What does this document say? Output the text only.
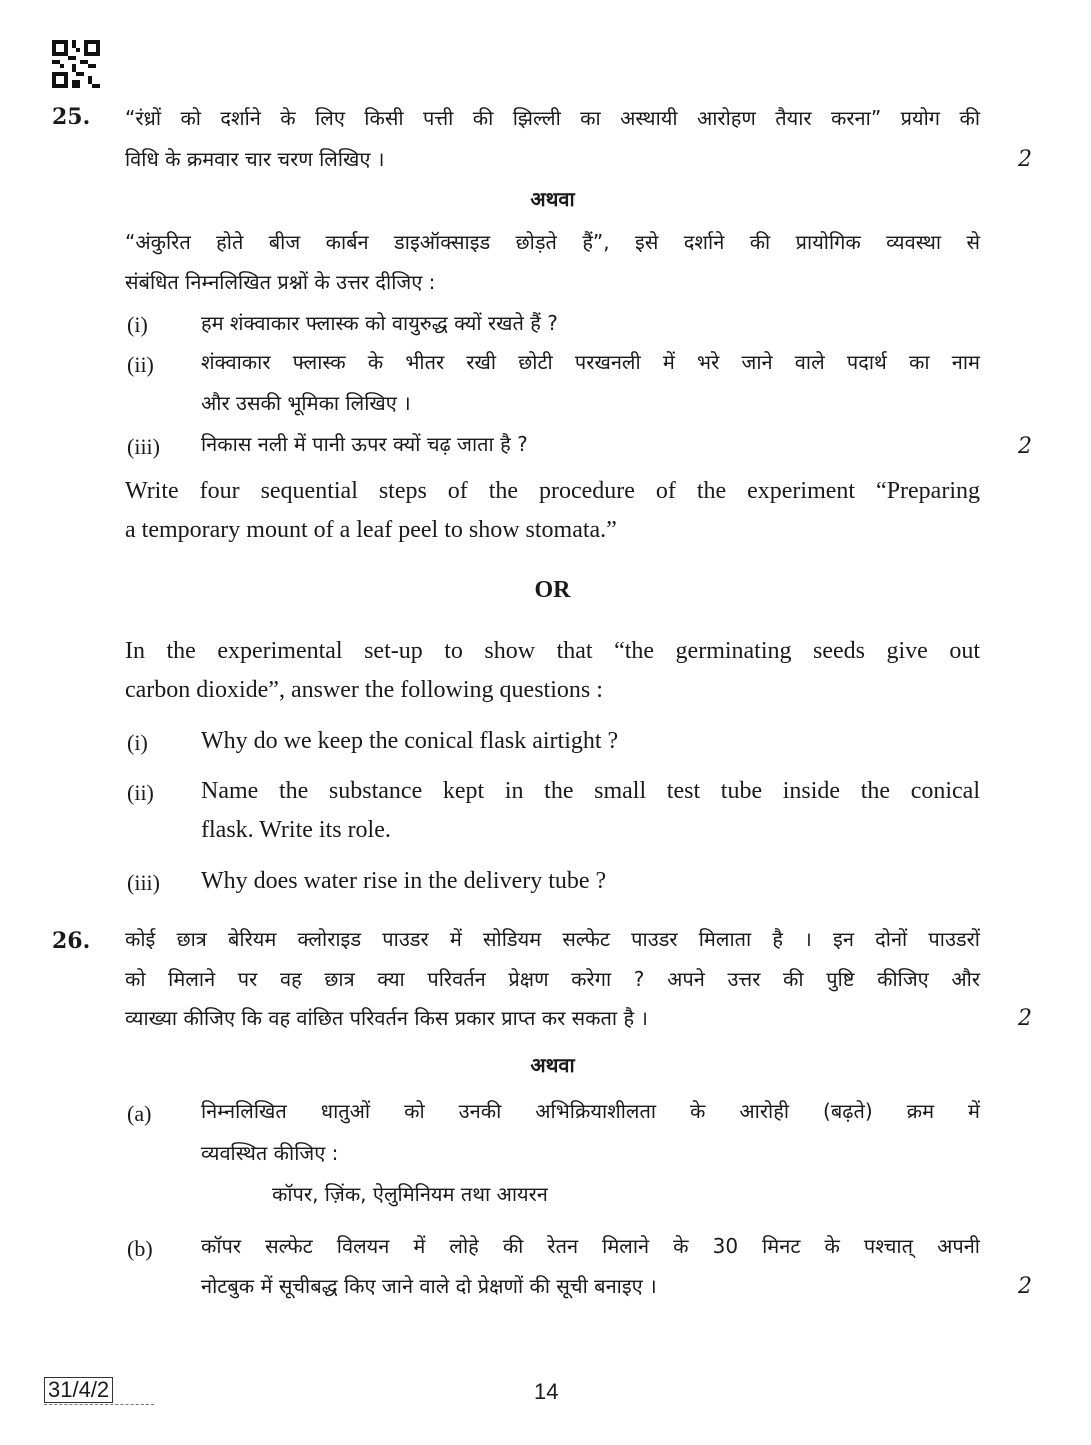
25. “रंध्रों को दर्शाने के लिए किसी पत्ती की झिल्ली का अस्थायी आरोहण तैयार करना” प्रयोग की
विधि के क्रमवार चार चरण लिखिए ।	2
अथवा
“अंकुरित होते बीज कार्बन डाइऑक्साइड छोड़ते हैं”, इसे दर्शाने की प्रायोगिक व्यवस्था से
संबंधित निम्नलिखित प्रश्नों के उत्तर दीजिए :
(i)	हम शंक्वाकार फ्लास्क को वायुरुद्ध क्यों रखते हैं ?
(ii) शंक्वाकार फ्लास्क के भीतर रखी छोटी परखनली में भरे जाने वाले पदार्थ का नाम
और उसकी भूमिका लिखिए ।
(iii) निकास नली में पानी ऊपर क्यों चढ़ जाता है ?	2
Write four sequential steps of the procedure of the experiment “Preparing
a temporary mount of a leaf peel to show stomata.”
OR
In the experimental set-up to show that “the germinating seeds give out
carbon dioxide”, answer the following questions :
(i) Why do we keep the conical flask airtight ?
(ii) Name the substance kept in the small test tube inside the conical
flask. Write its role.
(iii) Why does water rise in the delivery tube ?
26. कोई छात्र बेरियम क्लोराइड पाउडर में सोडियम सल्फेट पाउडर मिलाता है । इन दोनों पाउडरों
को मिलाने पर वह छात्र क्या परिवर्तन प्रेक्षण करेगा ? अपने उत्तर की पुष्टि कीजिए और
व्याख्या कीजिए कि वह वांछित परिवर्तन किस प्रकार प्राप्त कर सकता है ।	2
अथवा
(a) निम्नलिखित धातुओं को उनकी अभिक्रियाशीलता के आरोही (बढ़ते) क्रम में
व्यवस्थित कीजिए :
कॉपर, ज़िंक, ऐलुमिनियम तथा आयरन
(b) कॉपर सल्फेट विलयन में लोहे की रेतन मिलाने के 30 मिनट के पश्चात् अपनी
नोटबुक में सूचीबद्ध किए जाने वाले दो प्रेक्षणों की सूची बनाइए ।	2
31/4/2	14
